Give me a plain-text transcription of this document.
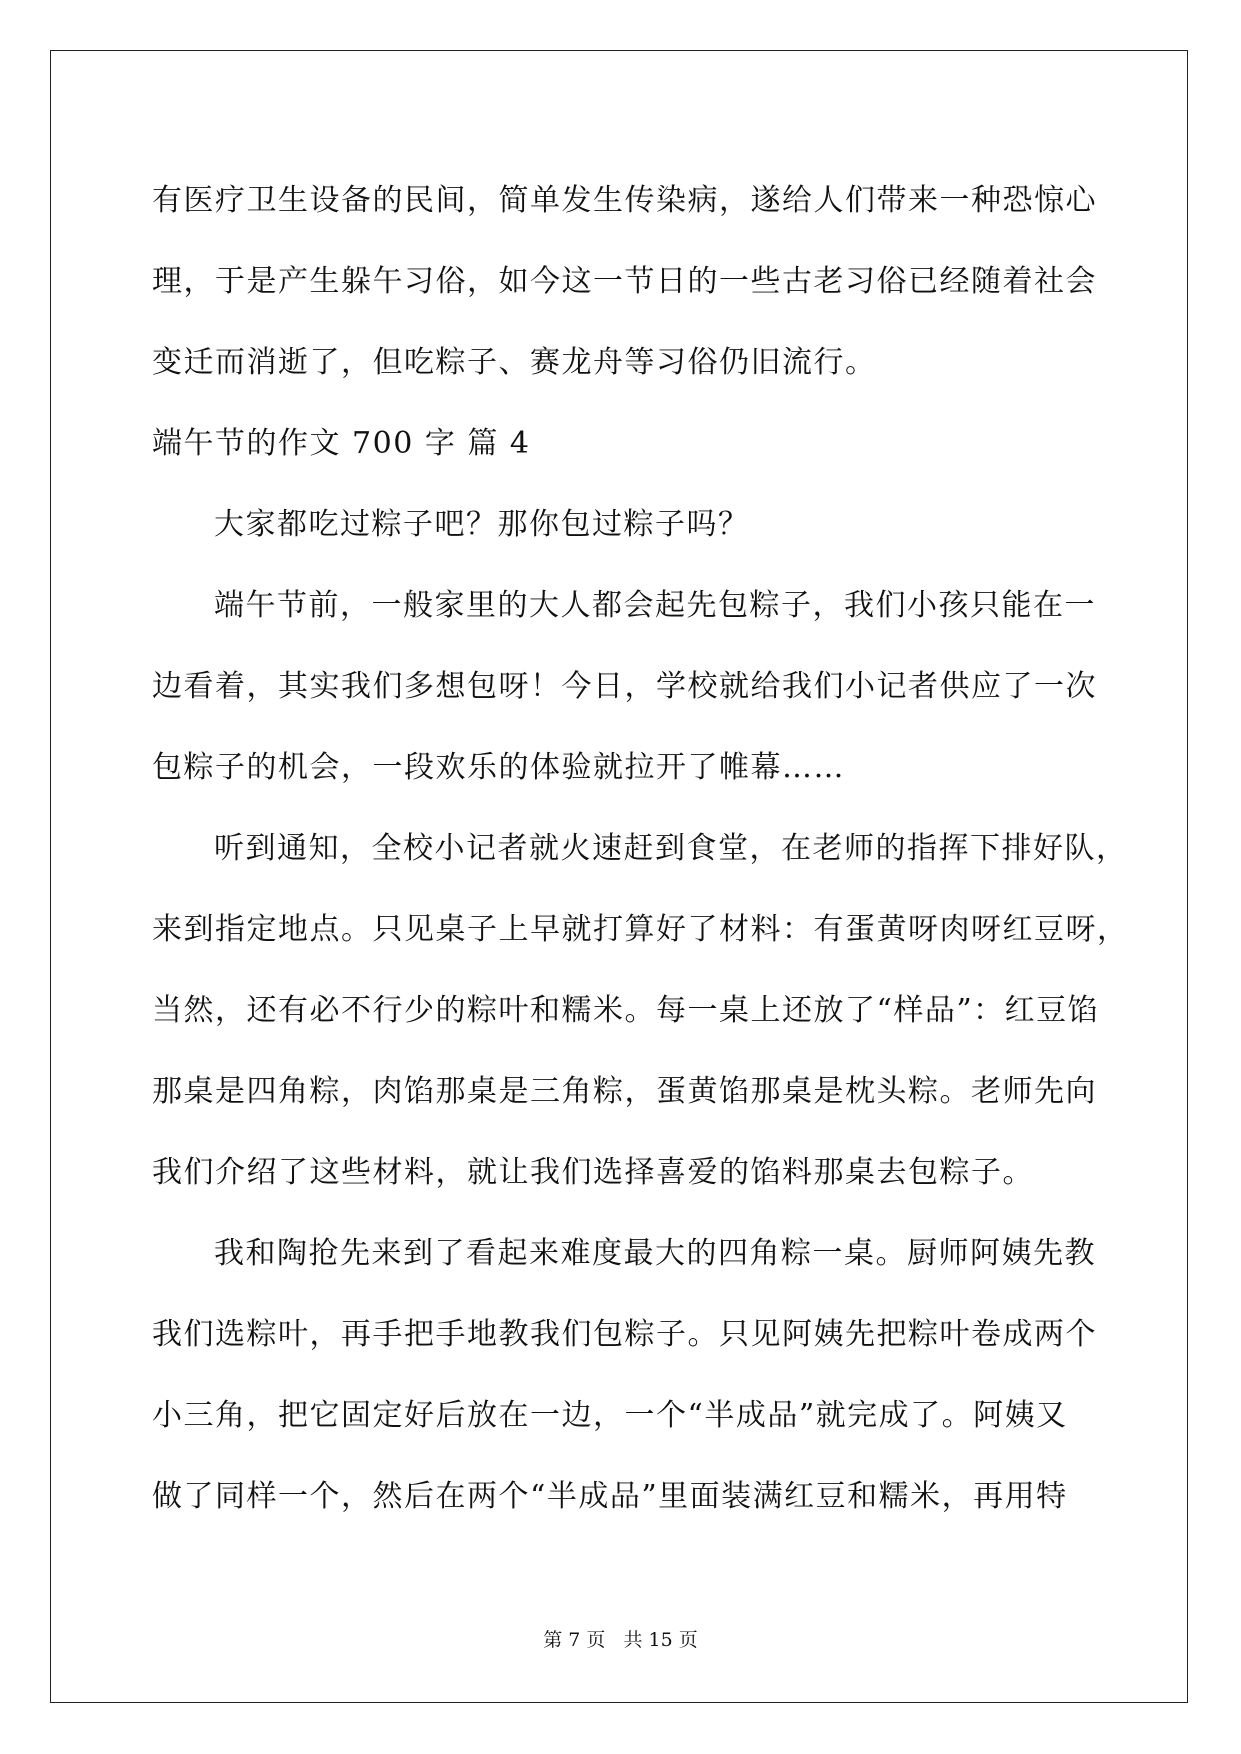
有医疗卫生设备的民间，简单发生传染病，遂给人们带来一种恐惊心
理，于是产生躲午习俗，如今这一节日的一些古老习俗已经随着社会
变迁而消逝了，但吃粽子、赛龙舟等习俗仍旧流行。
端午节的作文 700 字 篇 4
大家都吃过粽子吧？那你包过粽子吗？
端午节前，一般家里的大人都会起先包粽子，我们小孩只能在一
边看着，其实我们多想包呀！今日，学校就给我们小记者供应了一次
包粽子的机会，一段欢乐的体验就拉开了帷幕……
听到通知，全校小记者就火速赶到食堂，在老师的指挥下排好队，
来到指定地点。只见桌子上早就打算好了材料：有蛋黄呀肉呀红豆呀，
当然，还有必不行少的粽叶和糯米。每一桌上还放了“样品”：红豆馅
那桌是四角粽，肉馅那桌是三角粽，蛋黄馅那桌是枕头粽。老师先向
我们介绍了这些材料，就让我们选择喜爱的馅料那桌去包粽子。
我和陶抢先来到了看起来难度最大的四角粽一桌。厨师阿姨先教
我们选粽叶，再手把手地教我们包粽子。只见阿姨先把粽叶卷成两个
小三角，把它固定好后放在一边，一个“半成品”就完成了。阿姨又
做了同样一个，然后在两个“半成品”里面装满红豆和糯米，再用特
第 7 页 共 15 页
